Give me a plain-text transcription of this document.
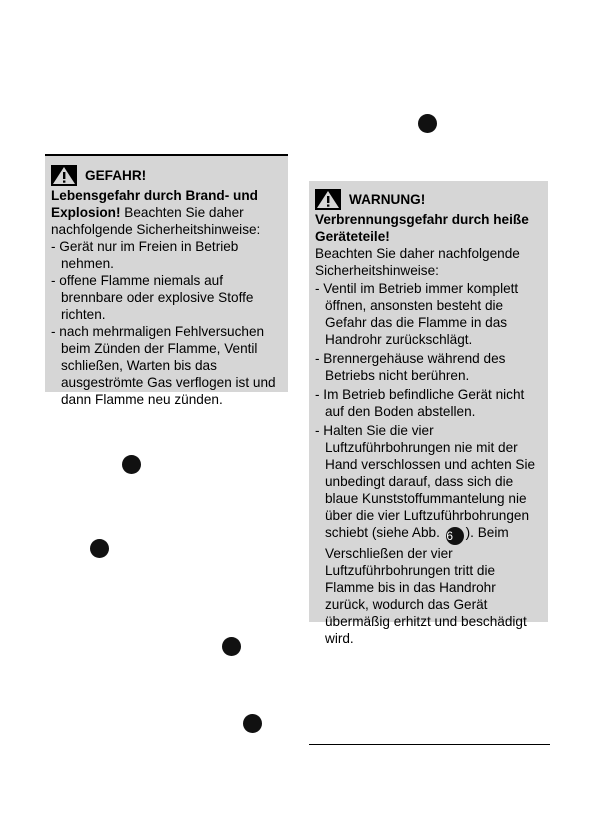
GEFAHR!
Lebensgefahr durch Brand- und Explosion! Beachten Sie daher nachfolgende Sicherheitshinweise:
- Gerät nur im Freien in Betrieb nehmen.
- offene Flamme niemals auf brennbare oder explosive Stoffe richten.
- nach mehrmaligen Fehlversuchen beim Zünden der Flamme, Ventil schließen, Warten bis das ausgeströmte Gas verflogen ist und dann Flamme neu zünden.
WARNUNG!
Verbrennungsgefahr durch heiße Geräteteile!
Beachten Sie daher nachfolgende Sicherheitshinweise:
- Ventil im Betrieb immer komplett öffnen, ansonsten besteht die Gefahr das die Flamme in das Handrohr zurückschlägt.
- Brennergehäuse während des Betriebs nicht berühren.
- Im Betrieb befindliche Gerät nicht auf den Boden abstellen.
- Halten Sie die vier Luftzuführbohrungen nie mit der Hand verschlossen und achten Sie unbedingt darauf, dass sich die blaue Kunststoffummantelung nie über die vier Luftzuführbohrungen schiebt (siehe Abb. 6 ). Beim Verschließen der vier Luftzuführbohrungen tritt die Flamme bis in das Handrohr zurück, wodurch das Gerät übermäßig erhitzt und beschädigt wird.
